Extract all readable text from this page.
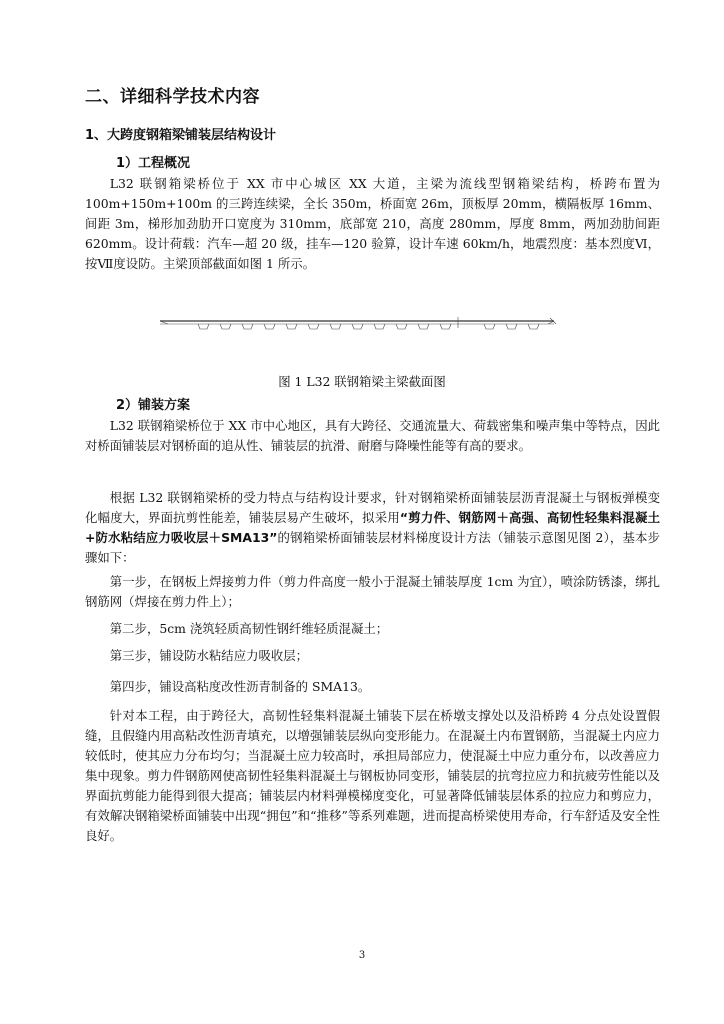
二、详细科学技术内容
1、大跨度钢箱梁铺装层结构设计
1）工程概况

L32 联钢箱梁桥位于 XX 市中心城区 XX 大道，主梁为流线型钢箱梁结构，桥跨布置为 100m+150m+100m 的三跨连续梁，全长 350m，桥面宽 26m，顶板厚 20mm，横隔板厚 16mm、间距 3m，梯形加劲肋开口宽度为 310mm，底部宽 210，高度 280mm，厚度 8mm，两加劲肋间距 620mm。设计荷载：汽车—超 20 级，挂车—120 验算，设计车速 60km/h，地震烈度：基本烈度Ⅵ，按Ⅶ度设防。主梁顶部截面如图 1 所示。

图 1 L32 联钢箱梁主梁截面图
2）铺装方案

L32 联钢箱梁桥位于 XX 市中心地区，具有大跨径、交通流量大、荷载密集和噪声集中等特点，因此对桥面铺装层对钢桥面的追从性、铺装层的抗滑、耐磨与降噪性能等有高的要求。

根据 L32 联钢箱梁桥的受力特点与结构设计要求，针对钢箱梁桥面铺装层沥青混凝土与钢板弹模变化幅度大，界面抗剪性能差，铺装层易产生破坏，拟采用“剪力件、钢筋网＋高强、高韧性轻集料混凝土+防水粘结应力吸收层＋SMA13”的钢箱梁桥面铺装层材料梯度设计方法（铺装示意图见图 2），基本步骤如下：

第一步，在钢板上焊接剪力件（剪力件高度一般小于混凝土铺装厚度 1cm 为宜），喷涂防锈漆，绑扎钢筋网（焊接在剪力件上）；

第二步，5cm 浇筑轻质高韧性钢纤维轻质混凝土；

第三步，铺设防水粘结应力吸收层；

第四步，铺设高粘度改性沥青制备的 SMA13。

针对本工程，由于跨径大，高韧性轻集料混凝土铺装下层在桥墩支撑处以及沿桥跨 4 分点处设置假缝，且假缝内用高粘改性沥青填充，以增强铺装层纵向变形能力。在混凝土内布置钢筋，当混凝土内应力较低时，使其应力分布均匀；当混凝土应力较高时，承担局部应力，使混凝土中应力重分布，以改善应力集中现象。剪力件钢筋网使高韧性轻集料混凝土与钢板协同变形，铺装层的抗弯拉应力和抗疲劳性能以及界面抗剪能力能得到很大提高；铺装层内材料弹模梯度变化，可显著降低铺装层体系的拉应力和剪应力，有效解决钢箱梁桥面铺装中出现“拥包”和“推移”等系列难题，进而提高桥梁使用寿命，行车舒适及安全性良好。

3
